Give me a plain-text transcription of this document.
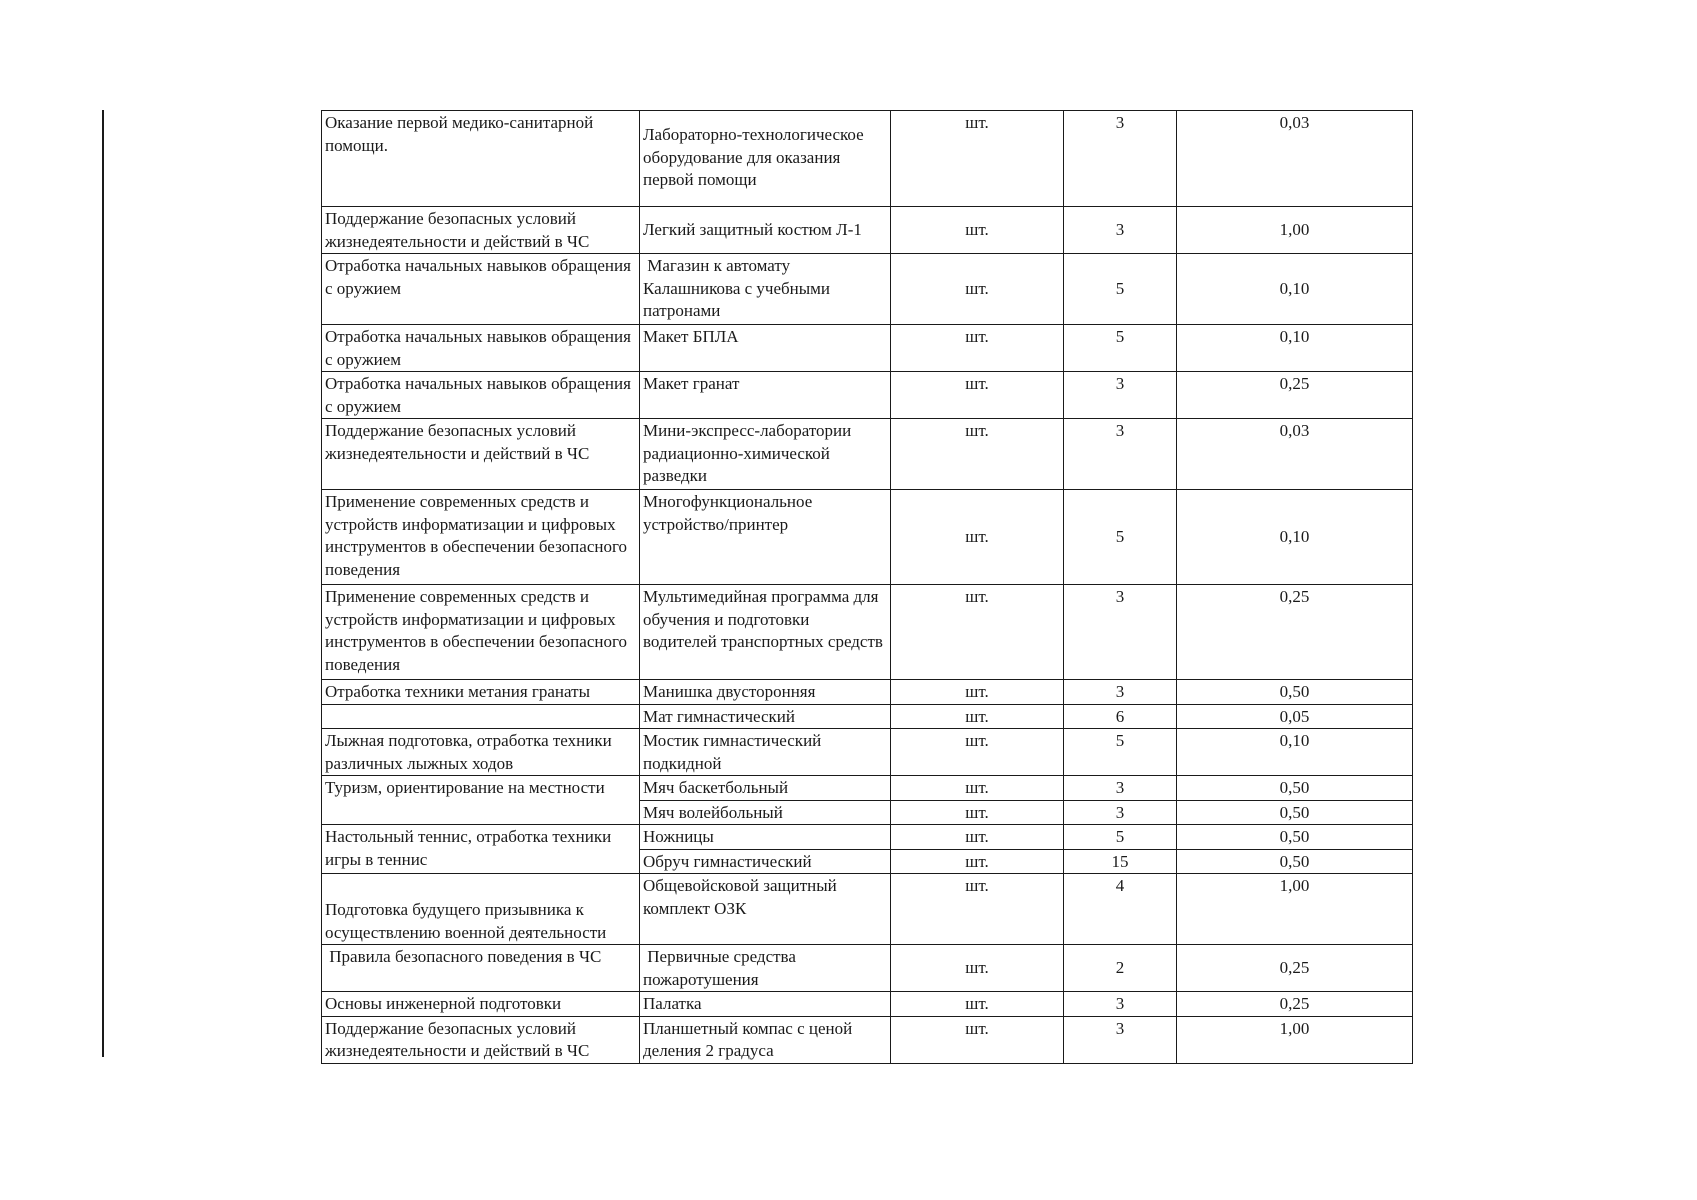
Оказание первой медико-санитарной помощи.	Лабораторно-технологическое оборудование для оказания первой помощи	шт.	3	0,03
Поддержание безопасных условий жизнедеятельности и действий в ЧС	Легкий защитный костюм Л-1	шт.	3	1,00
Отработка начальных навыков обращения с оружием	Магазин к автомату Калашникова с учебными патронами	шт.	5	0,10
Отработка начальных навыков обращения с оружием	Макет БПЛА	шт.	5	0,10
Отработка начальных навыков обращения с оружием	Макет гранат	шт.	3	0,25
Поддержание безопасных условий жизнедеятельности и действий в ЧС	Мини-экспресс-лаборатории радиационно-химической разведки	шт.	3	0,03
Применение современных средств и устройств информатизации и цифровых инструментов в обеспечении безопасного поведения	Многофункциональное устройство/принтер	шт.	5	0,10
Применение современных средств и устройств информатизации и цифровых инструментов в обеспечении безопасного поведения	Мультимедийная программа для обучения и подготовки водителей транспортных средств	шт.	3	0,25
Отработка техники метания гранаты	Манишка двусторонняя	шт.	3	0,50
	Мат гимнастический	шт.	6	0,05
Лыжная подготовка, отработка техники различных лыжных ходов	Мостик гимнастический подкидной	шт.	5	0,10
Туризм, ориентирование на местности	Мяч баскетбольный	шт.	3	0,50
	Мяч волейбольный	шт.	3	0,50
Настольный теннис, отработка техники игры в теннис	Ножницы	шт.	5	0,50
	Обруч гимнастический	шт.	15	0,50
Подготовка будущего призывника к осуществлению военной деятельности	Общевойсковой защитный комплект ОЗК	шт.	4	1,00
Правила безопасного поведения в ЧС	Первичные средства пожаротушения	шт.	2	0,25
Основы инженерной подготовки	Палатка	шт.	3	0,25
Поддержание безопасных условий жизнедеятельности и действий в ЧС	Планшетный компас с ценой деления 2 градуса	шт.	3	1,00
